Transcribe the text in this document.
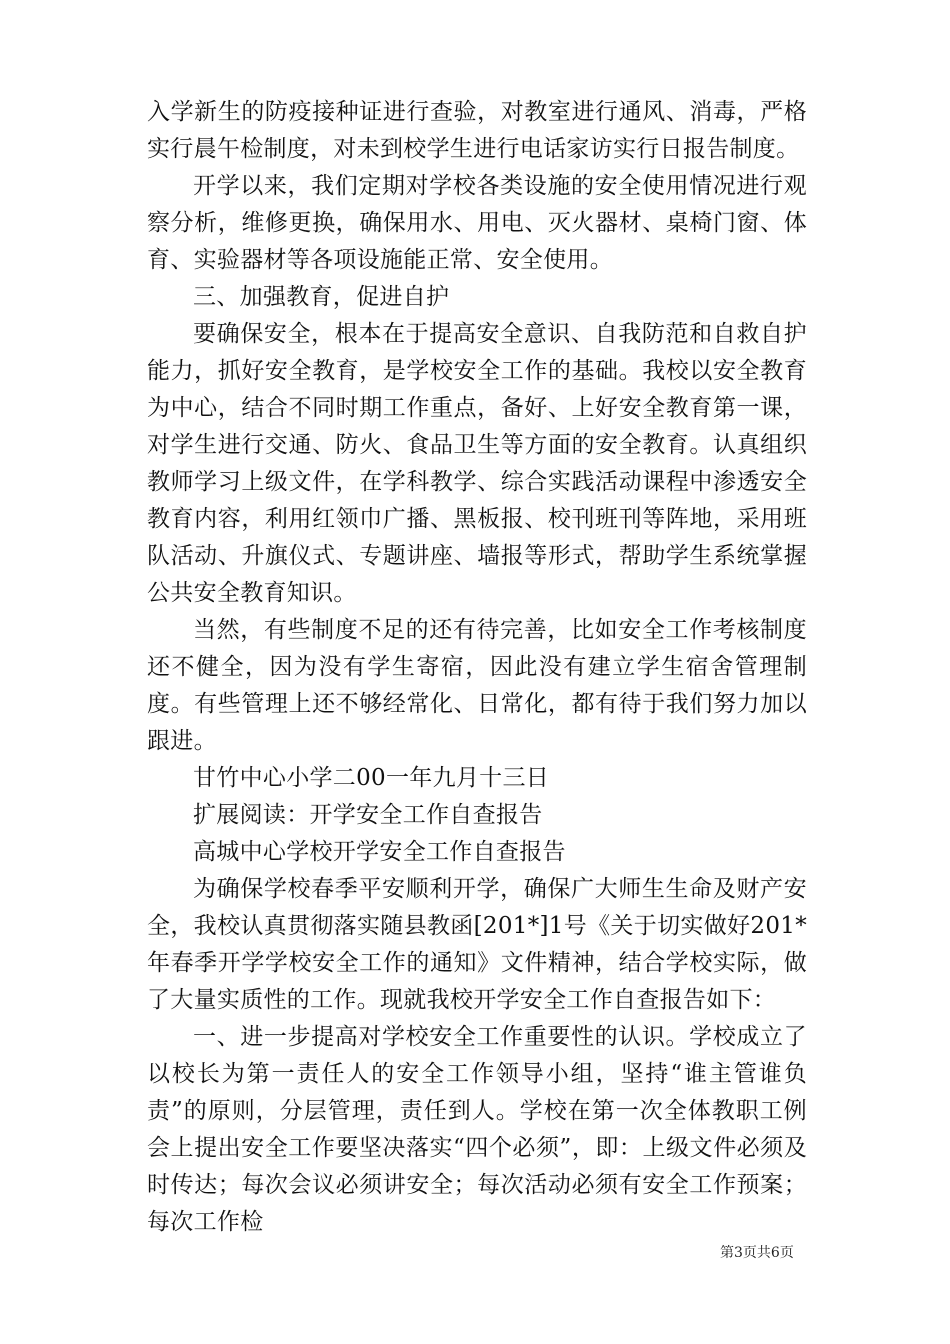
入学新生的防疫接种证进行查验，对教室进行通风、消毒，严格实行晨午检制度，对未到校学生进行电话家访实行日报告制度。

开学以来，我们定期对学校各类设施的安全使用情况进行观察分析，维修更换，确保用水、用电、灭火器材、桌椅门窗、体育、实验器材等各项设施能正常、安全使用。

三、加强教育，促进自护

要确保安全，根本在于提高安全意识、自我防范和自救自护能力，抓好安全教育，是学校安全工作的基础。我校以安全教育为中心，结合不同时期工作重点，备好、上好安全教育第一课，对学生进行交通、防火、食品卫生等方面的安全教育。认真组织教师学习上级文件，在学科教学、综合实践活动课程中渗透安全教育内容，利用红领巾广播、黑板报、校刊班刊等阵地，采用班队活动、升旗仪式、专题讲座、墙报等形式，帮助学生系统掌握公共安全教育知识。

当然，有些制度不足的还有待完善，比如安全工作考核制度还不健全，因为没有学生寄宿，因此没有建立学生宿舍管理制度。有些管理上还不够经常化、日常化，都有待于我们努力加以跟进。

甘竹中心小学二00一年九月十三日

扩展阅读：开学安全工作自查报告

高城中心学校开学安全工作自查报告

为确保学校春季平安顺利开学，确保广大师生生命及财产安全，我校认真贯彻落实随县教函[201*]1号《关于切实做好201*年春季开学学校安全工作的通知》文件精神，结合学校实际，做了大量实质性的工作。现就我校开学安全工作自查报告如下：

一、进一步提高对学校安全工作重要性的认识。学校成立了以校长为第一责任人的安全工作领导小组，坚持“谁主管谁负责”的原则，分层管理，责任到人。学校在第一次全体教职工例会上提出安全工作要坚决落实“四个必须”，即：上级文件必须及时传达；每次会议必须讲安全；每次活动必须有安全工作预案；每次工作检

第3页共6页
